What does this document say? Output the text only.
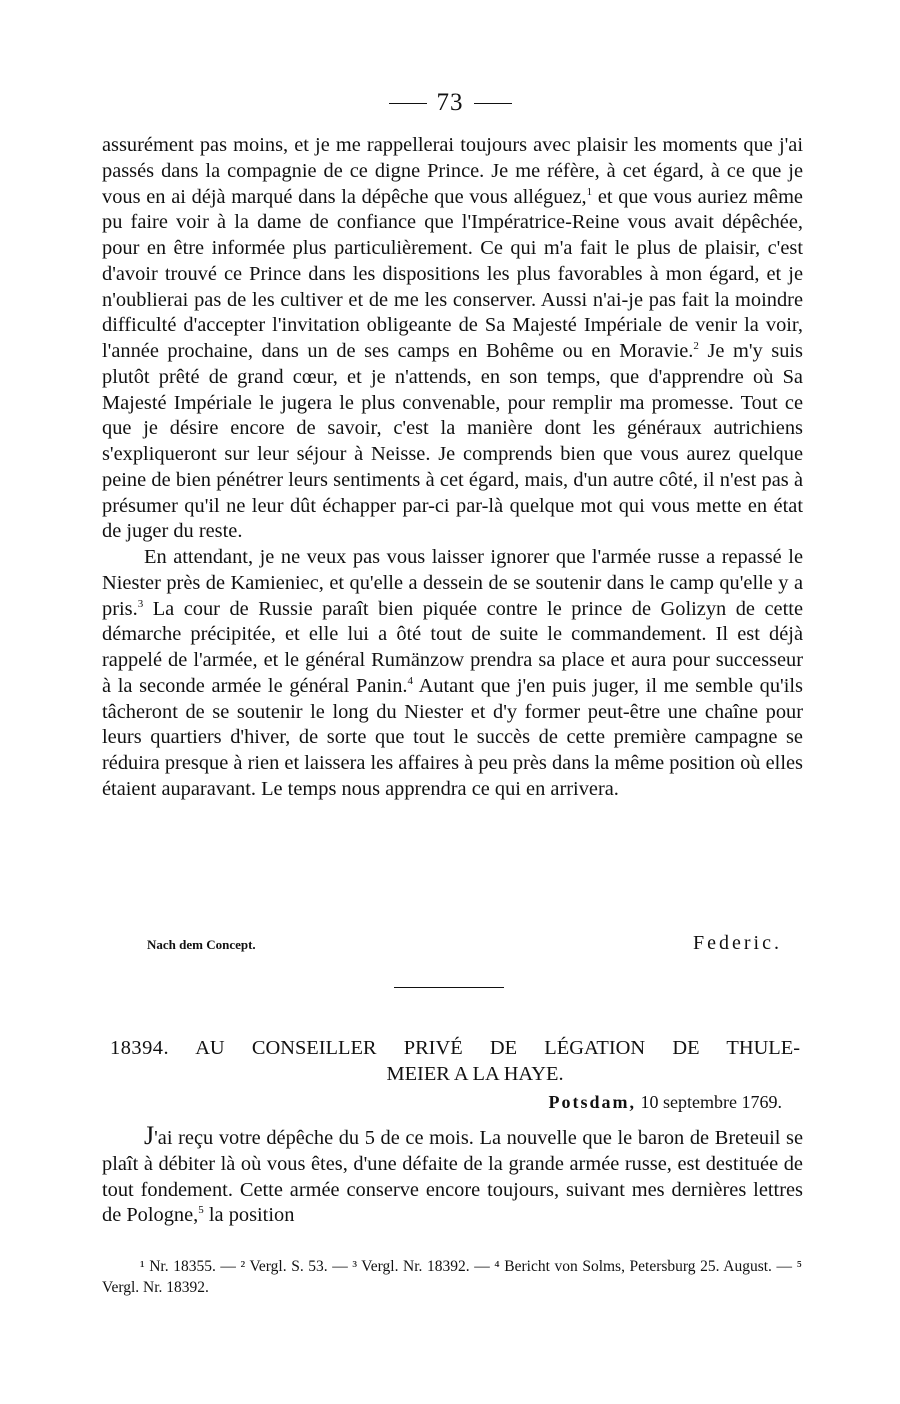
73

assurément pas moins, et je me rappellerai toujours avec plaisir les moments que j'ai passés dans la compagnie de ce digne Prince. Je me réfère, à cet égard, à ce que je vous en ai déjà marqué dans la dépêche que vous alléguez,$^1$ et que vous auriez même pu faire voir à la dame de confiance que l'Impératrice-Reine vous avait dépêchée, pour en être informée plus particulièrement. Ce qui m'a fait le plus de plaisir, c'est d'avoir trouvé ce Prince dans les dispositions les plus favorables à mon égard, et je n'oublierai pas de les cultiver et de me les conserver. Aussi n'ai-je pas fait la moindre difficulté d'accepter l'invitation obligeante de Sa Majesté Impériale de venir la voir, l'année prochaine, dans un de ses camps en Bohême ou en Moravie.$^2$ Je m'y suis plutôt prêté de grand cœur, et je n'attends, en son temps, que d'apprendre où Sa Majesté Impériale le jugera le plus convenable, pour remplir ma promesse. Tout ce que je désire encore de savoir, c'est la manière dont les généraux autrichiens s'expliqueront sur leur séjour à Neisse. Je comprends bien que vous aurez quelque peine de bien pénétrer leurs sentiments à cet égard, mais, d'un autre côté, il n'est pas à présumer qu'il ne leur dût échapper par-ci par-là quelque mot qui vous mette en état de juger du reste.

En attendant, je ne veux pas vous laisser ignorer que l'armée russe a repassé le Niester près de Kamieniec, et qu'elle a dessein de se soutenir dans le camp qu'elle y a pris.$^3$ La cour de Russie paraît bien piquée contre le prince de Golizyn de cette démarche précipitée, et elle lui a ôté tout de suite le commandement. Il est déjà rappelé de l'armée, et le général Rumänzow prendra sa place et aura pour successeur à la seconde armée le général Panin.$^4$ Autant que j'en puis juger, il me semble qu'ils tâcheront de se soutenir le long du Niester et d'y former peut-être une chaîne pour leurs quartiers d'hiver, de sorte que tout le succès de cette première campagne se réduira presque à rien et laissera les affaires à peu près dans la même position où elles étaient auparavant. Le temps nous apprendra ce qui en arrivera.

Nach dem Concept.	Federic.
18394. AU CONSEILLER PRIVÉ DE LÉGATION DE THULE-
MEIER A LA HAYE.
Potsdam, 10 septembre 1769.

J'ai reçu votre dépêche du 5 de ce mois. La nouvelle que le baron de Breteuil se plaît à débiter là où vous êtes, d'une défaite de la grande armée russe, est destituée de tout fondement. Cette armée conserve encore toujours, suivant mes dernières lettres de Pologne,$^5$ la position

¹ Nr. 18355. — ² Vergl. S. 53. — ³ Vergl. Nr. 18392. — ⁴ Bericht von Solms, Petersburg 25. August. — ⁵ Vergl. Nr. 18392.
